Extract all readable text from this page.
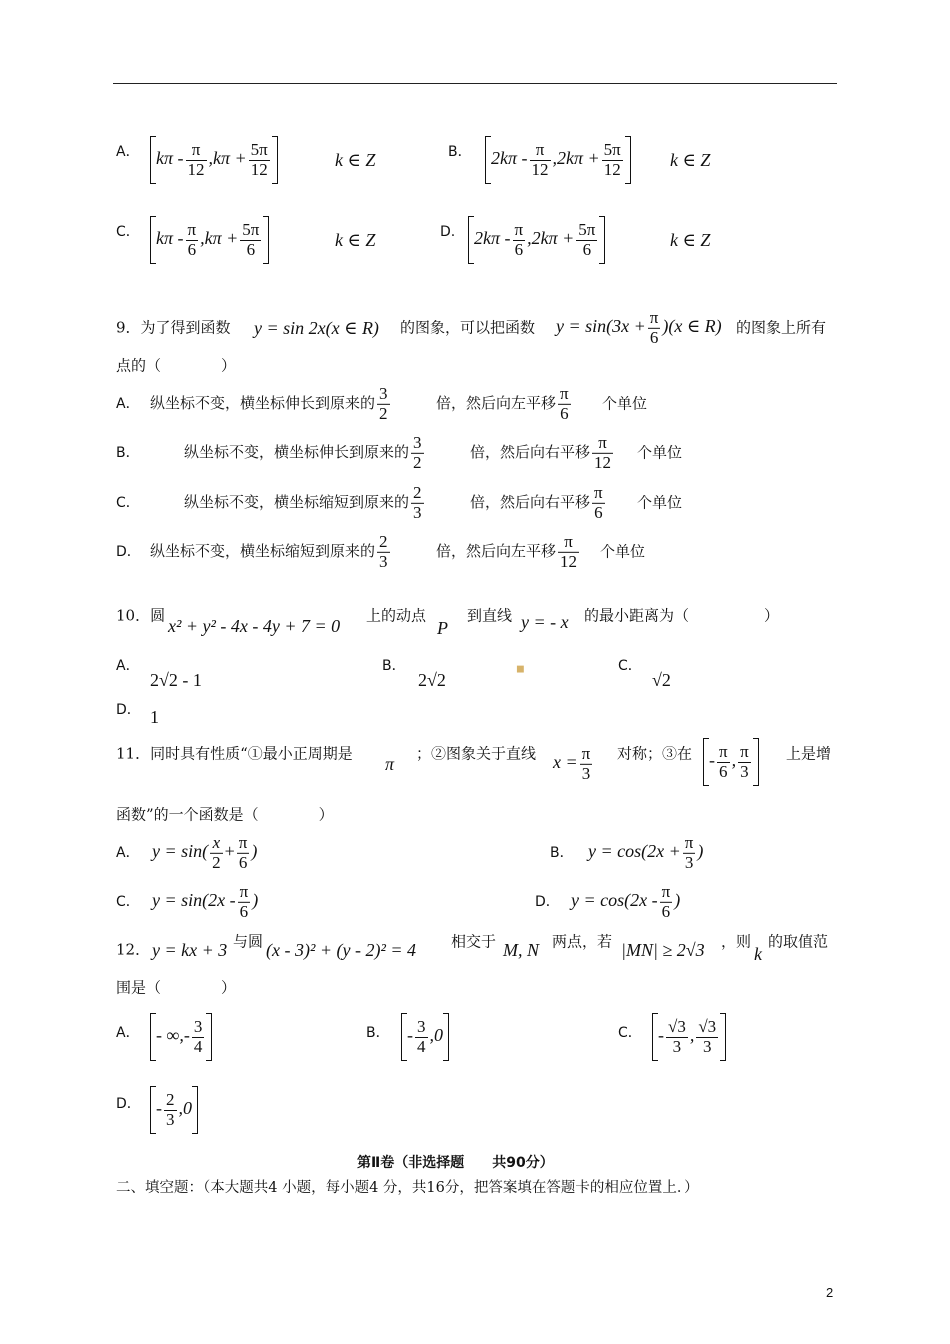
A． $k\pi - \frac{\pi}{12} ,k\pi + \frac{5\pi}{12}$	k ∈ Z	B．	$2k\pi - \frac{\pi}{12} ,2k\pi + \frac{5\pi}{12}$	k ∈ Z
C． $k\pi - \frac{\pi}{6} ,k\pi + \frac{5\pi}{6}$	k ∈ Z	D.	$2k\pi - \frac{\pi}{6} ,2k\pi + \frac{5\pi}{6}$	k ∈ Z
9．为了得到函数 y = sin 2x(x ∈ R) 的图象，可以把函数 $y = \sin(3x + \frac{\pi}{6} )(x$ ∈ R) 的图象上所有
点的（　　　　）
A． 纵坐标不变，横坐标伸长到原来的 $\frac{3}{2}$	倍，然后向左平移 $\frac{\pi}{6}$ 个单位
B．	纵坐标不变，横坐标伸长到原来的 $\frac{3}{2}$	倍，然后向右平移 $\frac{\pi}{12}$ 个单位
C．	纵坐标不变，横坐标缩短到原来的 $\frac{2}{3}$	倍，然后向右平移 $\frac{\pi}{6}$ 个单位
D． 纵坐标不变，横坐标缩短到原来的 $\frac{2}{3}$	倍，然后向左平移 $\frac{\pi}{12}$ 个单位
10．圆
x² + y² - 4x - 4y + 7 = 0
上的动点
P
到直线 y = - x 的最小距离为（　　　　　）
A．
2√2 - 1
B．
2√2
■	C．
√2
D． 1
11．同时具有性质“①最小正周期是
π
；②图象关于直线 $x = \frac{\pi}{3}$ 对称；③在 - $\frac{\pi}{6}$ , $\frac{\pi}{3}$ 上是增
函数”的一个函数是（　　　　）
A． $y = \sin( \frac{x}{2} + \frac{\pi}{6}$ )	B． $y = \cos(2x + \frac{\pi}{3}$ )
C． $y = \sin(2x - \frac{\pi}{6}$ )	D． $y = \cos(2x - \frac{\pi}{6}$ )
12． y = kx + 3 与圆 (x - 3)² + (y - 2)² = 4 相交于 M, N 两点，若 |MN| ≥ 2√3 ，则
k
的取值范
围是（　　　　）
A． - ∞,- $\frac{3}{4}$	B． - $\frac{3}{4} ,0$	C． - $\frac{√3}{3}$ , $\frac{√3}{3}$
D． - $\frac{2}{3} ,0$
第Ⅱ卷（非选择题　　共90分）
二、填空题：（本大题共4 小题，每小题4 分，共16分，把答案填在答题卡的相应位置上．）
2
